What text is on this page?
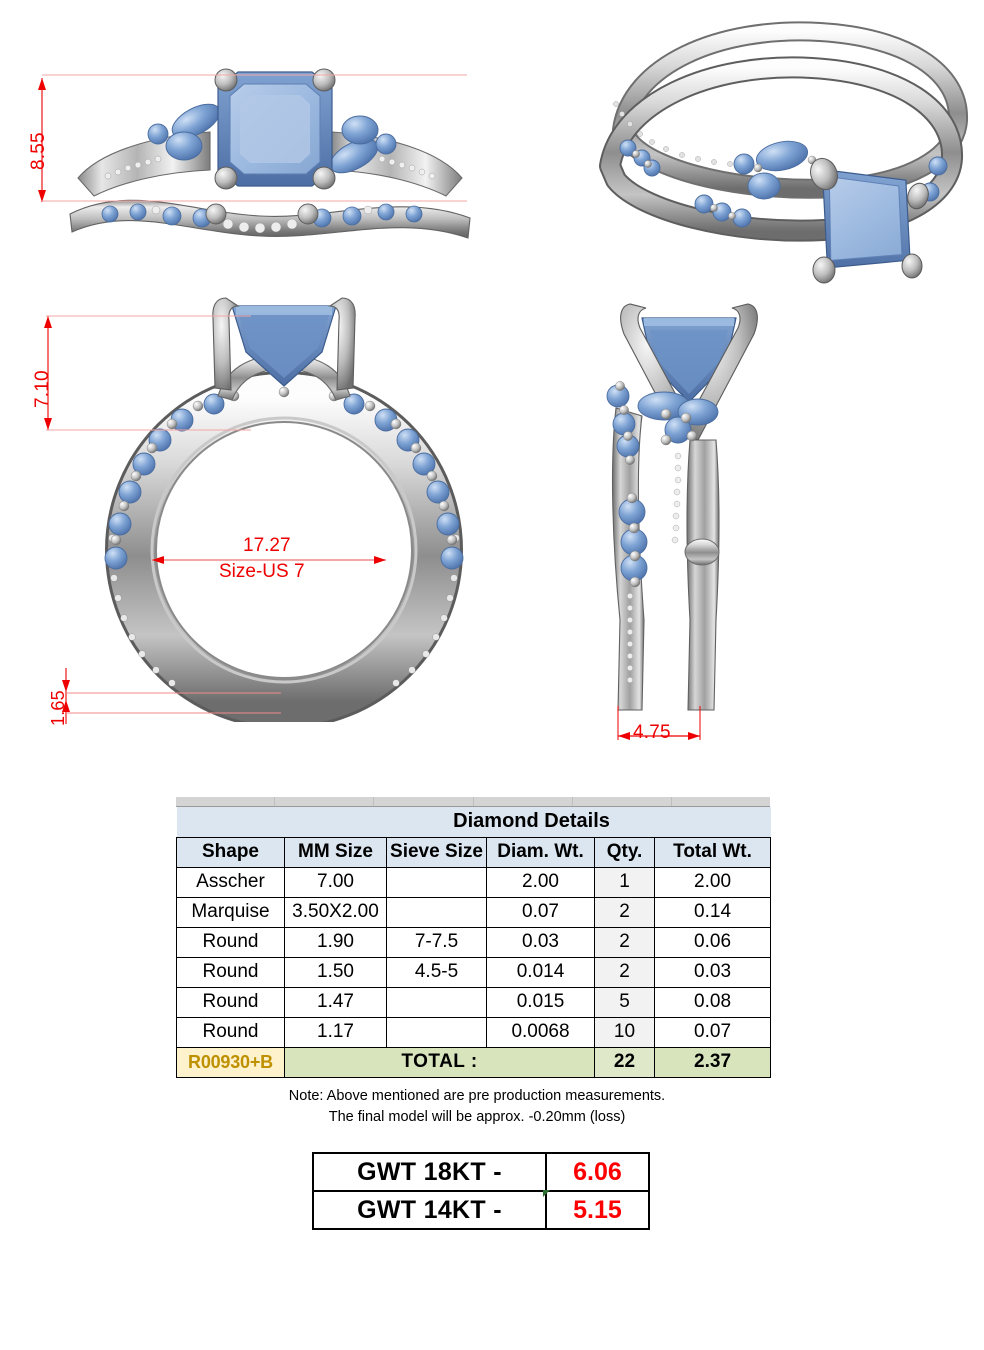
8.55
7.10
17.27
Size-US 7
1.65
4.75
Diamond Details					
Shape	MM Size	Sieve Size	Diam. Wt.	Qty.	Total Wt.
Asscher	7.00		2.00	1	2.00
Marquise	3.50X2.00		0.07	2	0.14
Round	1.90	7-7.5	0.03	2	0.06
Round	1.50	4.5-5	0.014	2	0.03
Round	1.47		0.015	5	0.08
Round	1.17		0.0068	10	0.07
R00930+B	TOTAL :			22	2.37
Note: Above mentioned are pre production measurements.
The final model will be approx. -0.20mm (loss)
GWT 18KT -	6.06
GWT 14KT -	5.15
